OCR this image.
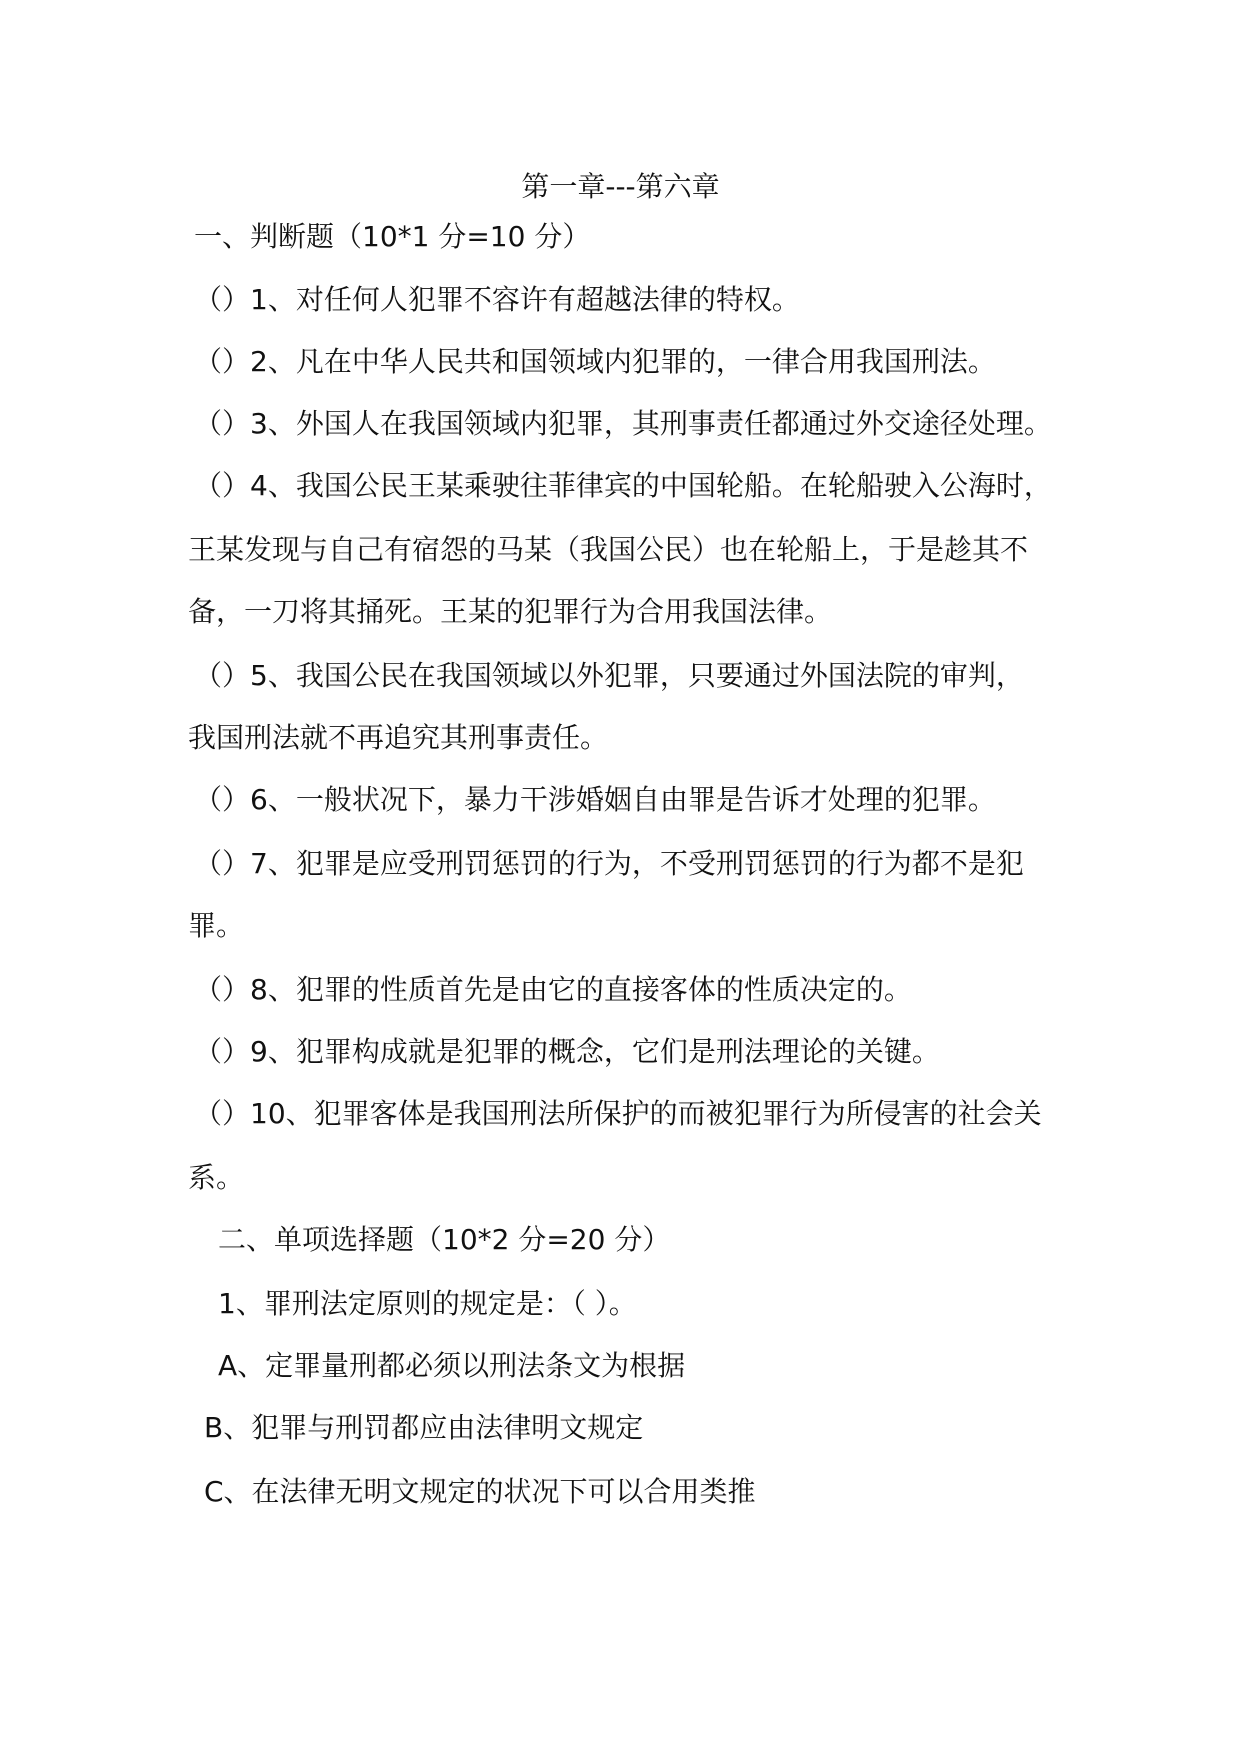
第一章---第六章
一、判断题（10*1 分=10 分）
（）1、对任何人犯罪不容许有超越法律的特权。
（）2、凡在中华人民共和国领域内犯罪的，一律合用我国刑法。
（）3、外国人在我国领域内犯罪，其刑事责任都通过外交途径处理。
（）4、我国公民王某乘驶往菲律宾的中国轮船。在轮船驶入公海时，
王某发现与自己有宿怨的马某（我国公民）也在轮船上，于是趁其不
备，一刀将其捅死。王某的犯罪行为合用我国法律。
（）5、我国公民在我国领域以外犯罪，只要通过外国法院的审判，
我国刑法就不再追究其刑事责任。
（）6、一般状况下，暴力干涉婚姻自由罪是告诉才处理的犯罪。
（）7、犯罪是应受刑罚惩罚的行为，不受刑罚惩罚的行为都不是犯
罪。
（）8、犯罪的性质首先是由它的直接客体的性质决定的。
（）9、犯罪构成就是犯罪的概念，它们是刑法理论的关键。
（）10、犯罪客体是我国刑法所保护的而被犯罪行为所侵害的社会关
系。
二、单项选择题（10*2 分=20 分）
1、罪刑法定原则的规定是：（ ）。
A、定罪量刑都必须以刑法条文为根据
B、犯罪与刑罚都应由法律明文规定
C、在法律无明文规定的状况下可以合用类推
